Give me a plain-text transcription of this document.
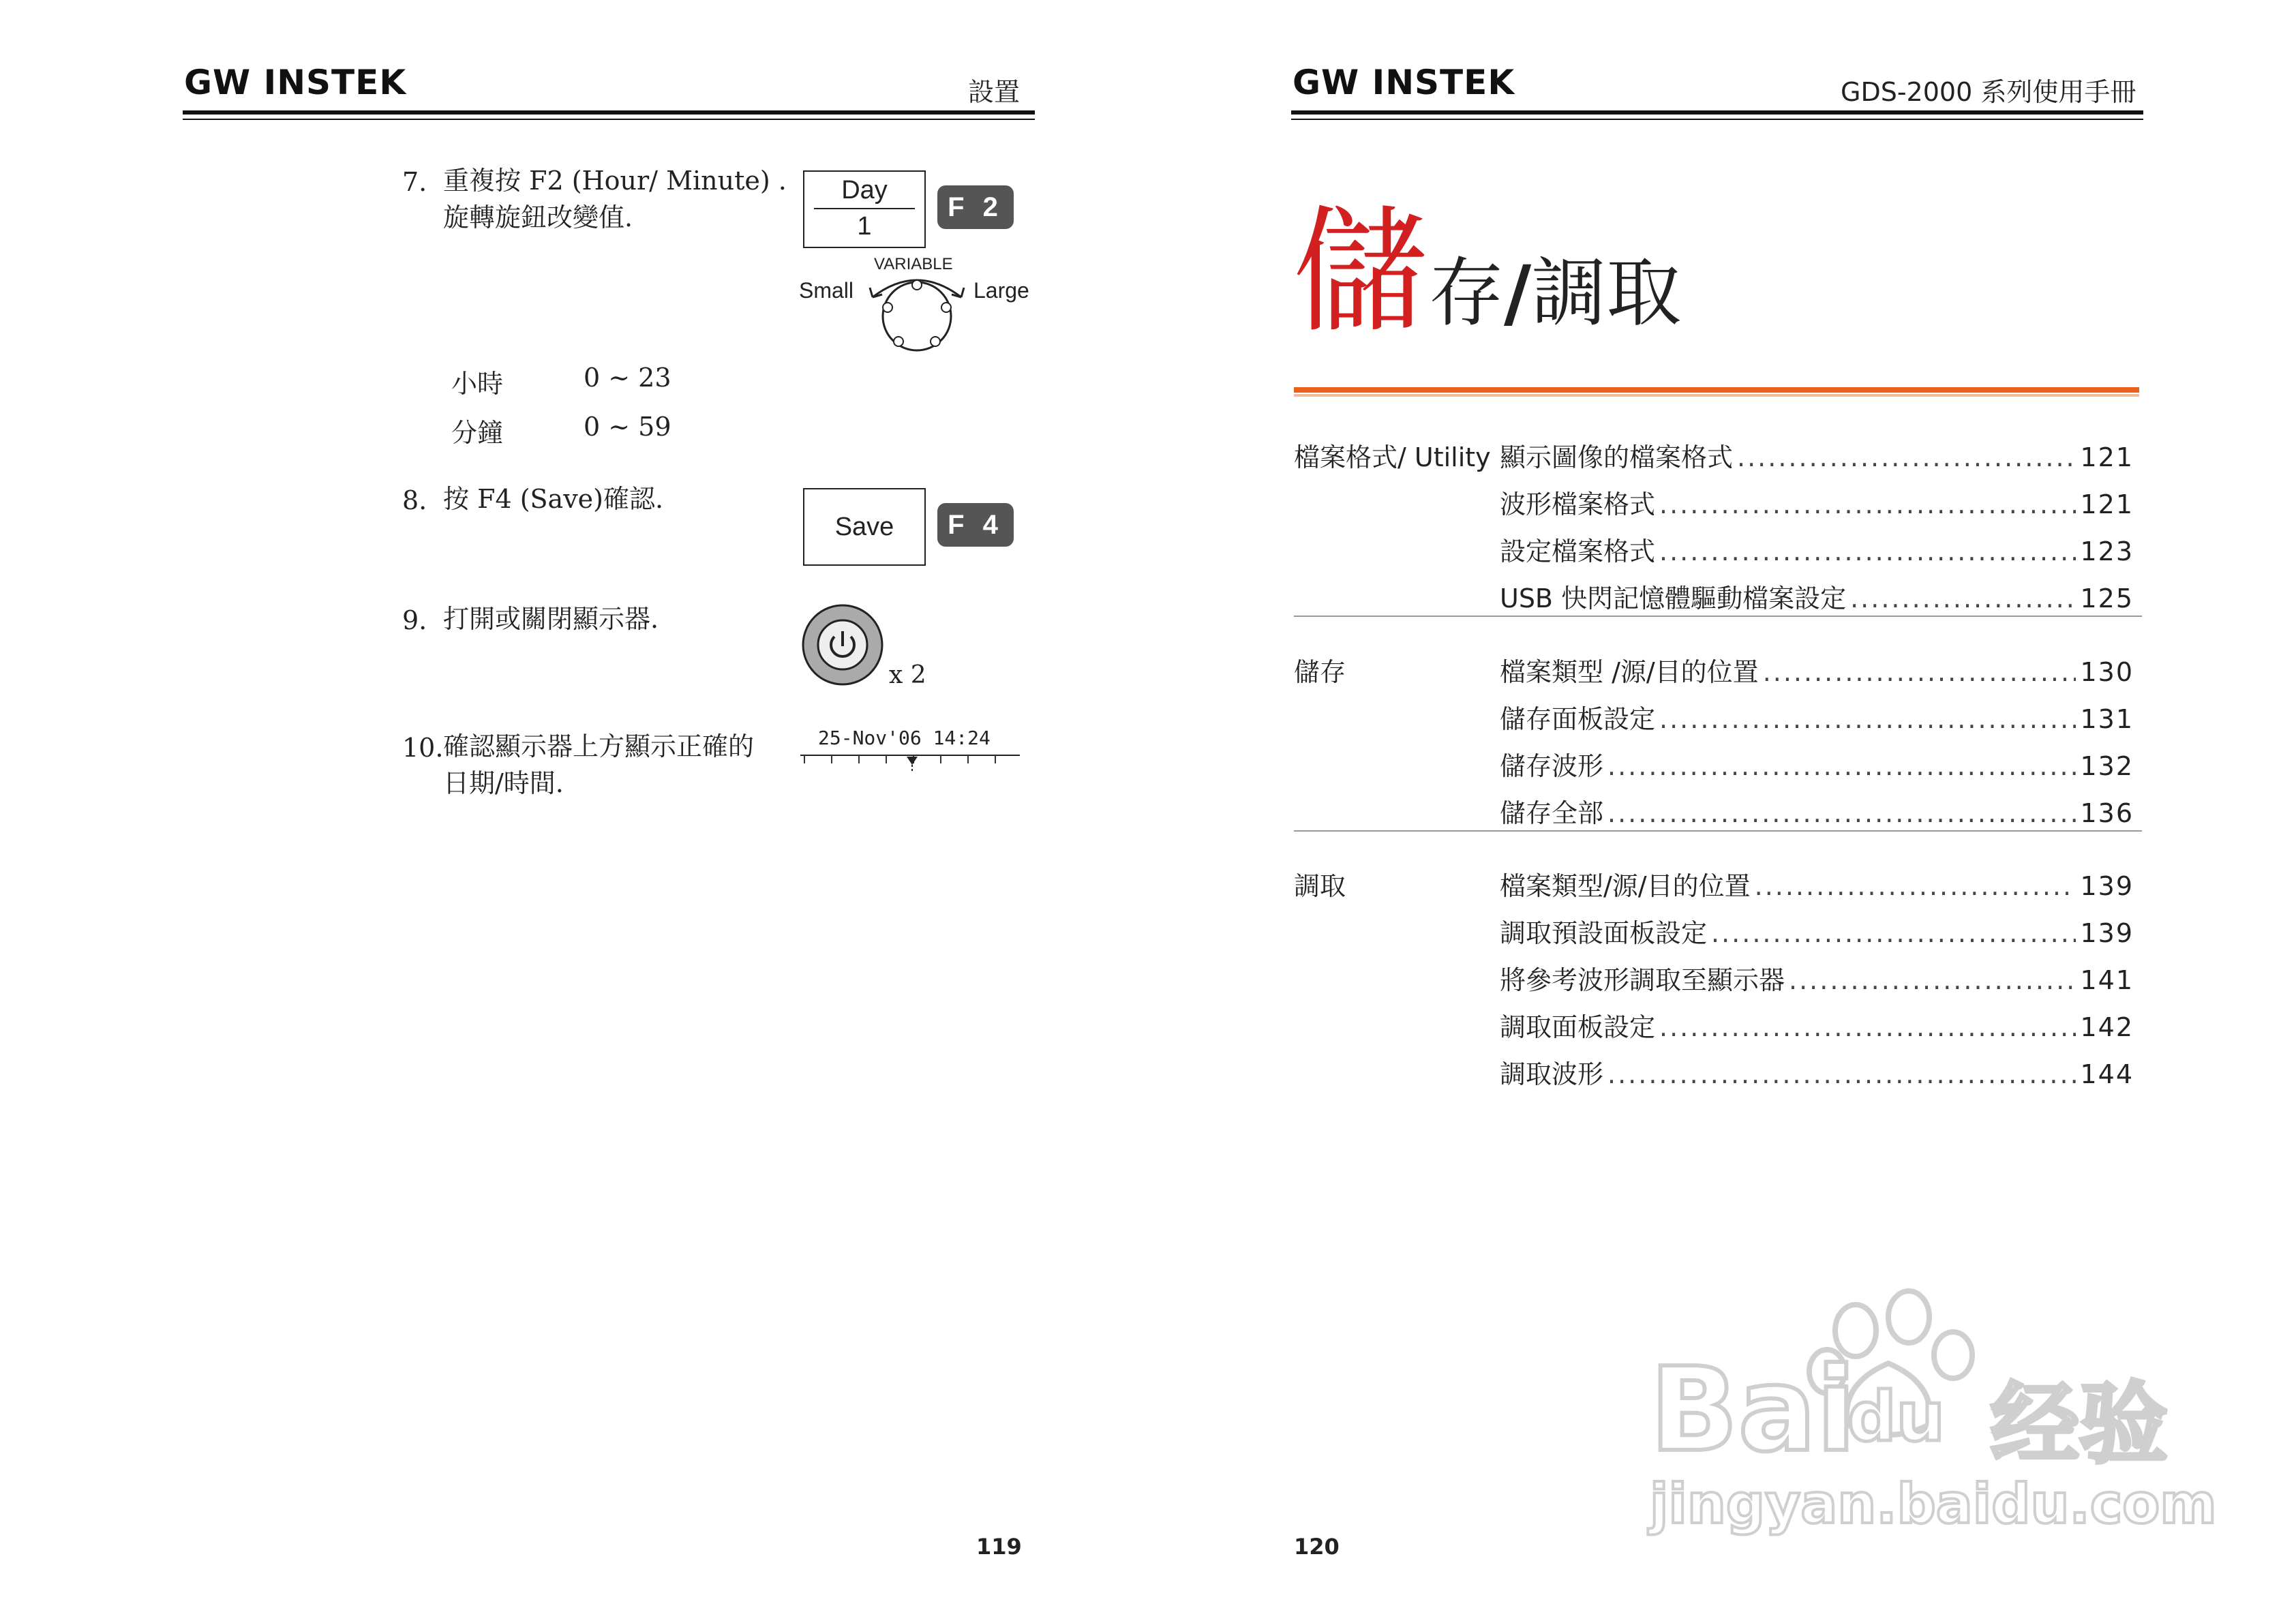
GW INSTEK	設置
7. 重複按 F2 (Hour/ Minute) .
旋轉旋鈕改變值.
Day
1
F 2
VARIABLE
Small	Large
小時	0 ~ 23
分鐘	0 ~ 59
8. 按 F4 (Save)確認.
Save	F 4
9. 打開或關閉顯示器.
x 2
10. 確認顯示器上方顯示正確的
日期/時間.
25-Nov'06 14:24
119
GW INSTEK	GDS-2000 系列使用手冊
儲存/調取
檔案格式/ Utility 顯示圖像的檔案格式 .....	121
波形檔案格式 .....	121
設定檔案格式 .....	123
USB 快閃記憶體驅動檔案設定 .....	125
儲存	檔案類型 /源/目的位置 .....	130
儲存面板設定 .....	131
儲存波形 .....	132
儲存全部 .....	136
調取	檔案類型/源/目的位置 .....	139
調取預設面板設定 .....	139
將參考波形調取至顯示器 .....	141
調取面板設定 .....	142
調取波形 .....	144
120
Bai
du 经验
jingyan.baidu.com
